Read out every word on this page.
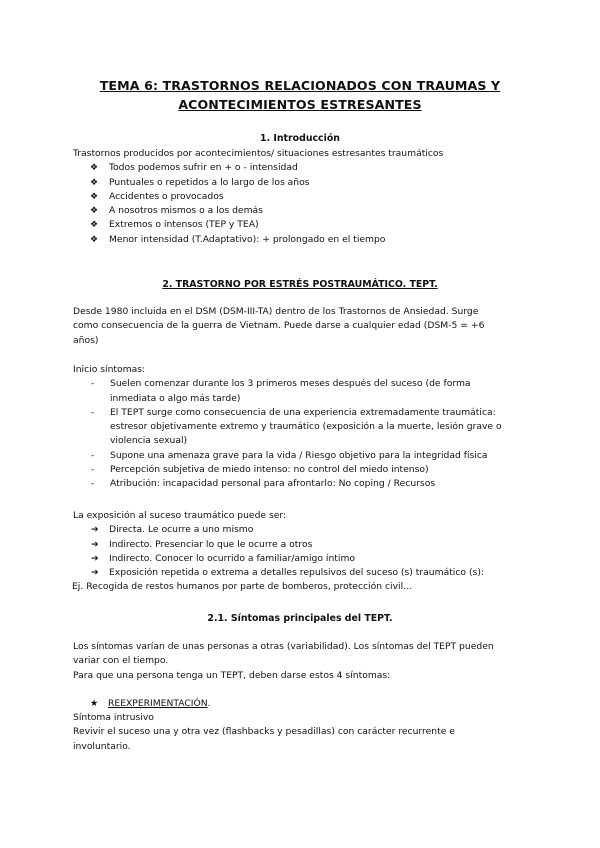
TEMA 6: TRASTORNOS RELACIONADOS CON TRAUMAS Y
ACONTECIMIENTOS ESTRESANTES
1. Introducción
Trastornos producidos por acontecimientos/ situaciones estresantes traumáticos
❖	Todos podemos sufrir en + o - intensidad
❖	Puntuales o repetidos a lo largo de los años
❖	Accidentes o provocados
❖	A nosotros mismos o a los demás
❖	Extremos o intensos (TEP y TEA)
❖	Menor intensidad (T.Adaptativo): + prolongado en el tiempo
2. TRASTORNO POR ESTRÉS POSTRAUMÁTICO. TEPT.
Desde 1980 incluida en el DSM (DSM-III-TA) dentro de los Trastornos de Ansiedad. Surge
como consecuencia de la guerra de Vietnam. Puede darse a cualquier edad (DSM-5 = +6
años)
Inicio síntomas:
-	Suelen comenzar durante los 3 primeros meses después del suceso (de forma
inmediata o algo más tarde)
-	El TEPT surge como consecuencia de una experiencia extremadamente traumática:
estresor objetivamente extremo y traumático (exposición a la muerte, lesión grave o
violencia sexual)
-	Supone una amenaza grave para la vida / Riesgo objetivo para la integridad física
-	Percepción subjetiva de miedo intenso: no control del miedo intenso)
-	Atribución: incapacidad personal para afrontarlo: No coping / Recursos
La exposición al suceso traumático puede ser:
➔	Directa. Le ocurre a uno mismo
➔	Indirecto. Presenciar lo que le ocurre a otros
➔	Indirecto. Conocer lo ocurrido a familiar/amigo íntimo
➔	Exposición repetida o extrema a detalles repulsivos del suceso (s) traumático (s):
Ej. Recogida de restos humanos por parte de bomberos, protección civil…
2.1. Síntomas principales del TEPT.
Los síntomas varían de unas personas a otras (variabilidad). Los síntomas del TEPT pueden
variar con el tiempo.
Para que una persona tenga un TEPT, deben darse estos 4 síntomas:
★ REEXPERIMENTACIÓN.
Síntoma intrusivo
Revivir el suceso una y otra vez (flashbacks y pesadillas) con carácter recurrente e
involuntario.
